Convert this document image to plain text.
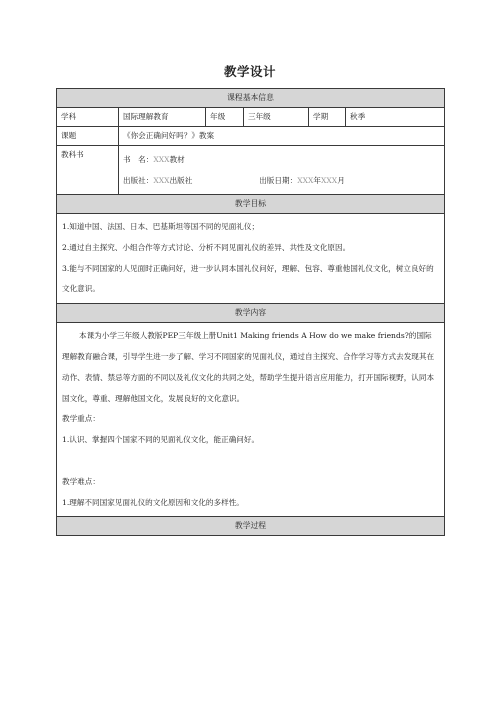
教学设计
课程基本信息					
学科	国际理解教育	年级	三年级	学期	秋季
课题	《你会正确问好吗？》教案				
教科书	书　名：XXX教材
出版社：XXX出版社 出版日期：XXX年XXX月				

教学目标					

1.知道中国、法国、日本、巴基斯坦等国不同的见面礼仪；
2.通过自主探究、小组合作等方式讨论、分析不同见面礼仪的差异、共性及文化原因。
3.能与不同国家的人见面时正确问好，进一步认同本国礼仪问好，理解、包容、尊重他国礼仪文化，树立良好的文化意识。					

教学内容					

本课为小学三年级人教版PEP三年级上册Unit1 Making friends A How do we make friends?的国际理解教育融合课，引导学生进一步了解、学习不同国家的见面礼仪，通过自主探究、合作学习等方式去发现其在动作、表情、禁忌等方面的不同以及礼仪文化的共同之处，帮助学生提升语言应用能力，打开国际视野，认同本国文化，尊重、理解他国文化，发展良好的文化意识。
教学重点：
1.认识、掌握四个国家不同的见面礼仪文化，能正确问好。

教学难点：
1.理解不同国家见面礼仪的文化原因和文化的多样性。					

教学过程					
